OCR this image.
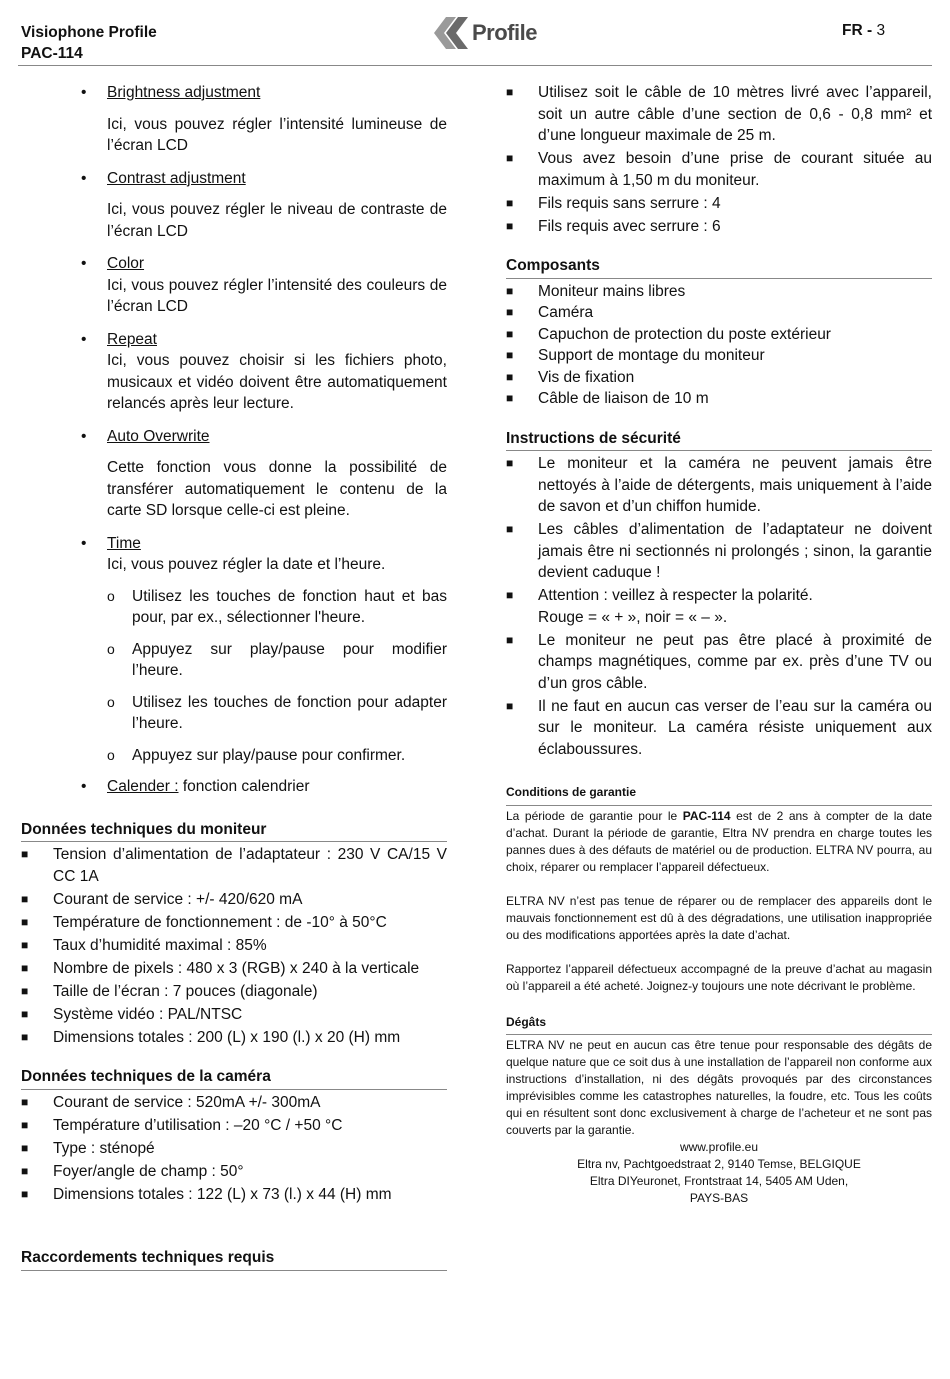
Visiophone Profile
PAC-114
Profile	FR - 3
• Brightness adjustment
Ici, vous pouvez régler l’intensité lumineuse de l’écran LCD
• Contrast adjustment
Ici, vous pouvez régler le niveau de contraste de l’écran LCD
• Color
Ici, vous pouvez régler l’intensité des couleurs de l’écran LCD
• Repeat
Ici, vous pouvez choisir si les fichiers photo, musicaux et vidéo doivent être automatiquement relancés après leur lecture.
• Auto Overwrite
Cette fonction vous donne la possibilité de transférer automatiquement le contenu de la carte SD lorsque celle-ci est pleine.
• Time
Ici, vous pouvez régler la date et l’heure.
o Utilisez les touches de fonction haut et bas pour, par ex., sélectionner l'heure.
o Appuyez sur play/pause pour modifier l’heure.
o Utilisez les touches de fonction pour adapter l’heure.
o Appuyez sur play/pause pour confirmer.
• Calender : fonction calendrier
Données techniques du moniteur
■ Tension d’alimentation de l’adaptateur : 230 V CA/15 V CC 1A
■ Courant de service : +/- 420/620 mA
■ Température de fonctionnement : de -10° à 50°C
■ Taux d’humidité maximal : 85%
■ Nombre de pixels : 480 x 3 (RGB) x 240 à la verticale
■ Taille de l’écran : 7 pouces (diagonale)
■ Système vidéo : PAL/NTSC
■ Dimensions totales : 200 (L) x 190 (l.) x 20 (H) mm
Données techniques de la caméra
■ Courant de service : 520mA +/- 300mA
■ Température d’utilisation : –20 °C / +50 °C
■ Type : sténopé
■ Foyer/angle de champ : 50°
■ Dimensions totales : 122 (L) x 73 (l.) x 44 (H) mm
Raccordements techniques requis
■ Utilisez soit le câble de 10 mètres livré avec l’appareil, soit un autre câble d’une section de 0,6 - 0,8 mm² et d’une longueur maximale de 25 m.
■ Vous avez besoin d’une prise de courant située au maximum à 1,50 m du moniteur.
■ Fils requis sans serrure : 4
■ Fils requis avec serrure : 6
Composants
■ Moniteur mains libres
■ Caméra
■ Capuchon de protection du poste extérieur
■ Support de montage du moniteur
■ Vis de fixation
■ Câble de liaison de 10 m
Instructions de sécurité
■ Le moniteur et la caméra ne peuvent jamais être nettoyés à l’aide de détergents, mais uniquement à l’aide de savon et d’un chiffon humide.
■ Les câbles d’alimentation de l’adaptateur ne doivent jamais être ni sectionnés ni prolongés ; sinon, la garantie devient caduque !
■ Attention : veillez à respecter la polarité.
Rouge = « + », noir = « – ».
■ Le moniteur ne peut pas être placé à proximité de champs magnétiques, comme par ex. près d’une TV ou d’un gros câble.
■ Il ne faut en aucun cas verser de l’eau sur la caméra ou sur le moniteur. La caméra résiste uniquement aux éclaboussures.
Conditions de garantie
La période de garantie pour le PAC-114 est de 2 ans à compter de la date d’achat. Durant la période de garantie, Eltra NV prendra en charge toutes les pannes dues à des défauts de matériel ou de production. ELTRA NV pourra, au choix, réparer ou remplacer l’appareil défectueux.
ELTRA NV n’est pas tenue de réparer ou de remplacer des appareils dont le mauvais fonctionnement est dû à des dégradations, une utilisation inappropriée ou des modifications apportées après la date d’achat.
Rapportez l’appareil défectueux accompagné de la preuve d’achat au magasin où l’appareil a été acheté. Joignez-y toujours une note décrivant le problème.
Dégâts
ELTRA NV ne peut en aucun cas être tenue pour responsable des dégâts de quelque nature que ce soit dus à une installation de l’appareil non conforme aux instructions d’installation, ni des dégâts provoqués par des circonstances imprévisibles comme les catastrophes naturelles, la foudre, etc. Tous les coûts qui en résultent sont donc exclusivement à charge de l’acheteur et ne sont pas couverts par la garantie.
www.profile.eu
Eltra nv, Pachtgoedstraat 2, 9140 Temse, BELGIQUE
Eltra DIYeuronet, Frontstraat 14, 5405 AM Uden,
PAYS-BAS
